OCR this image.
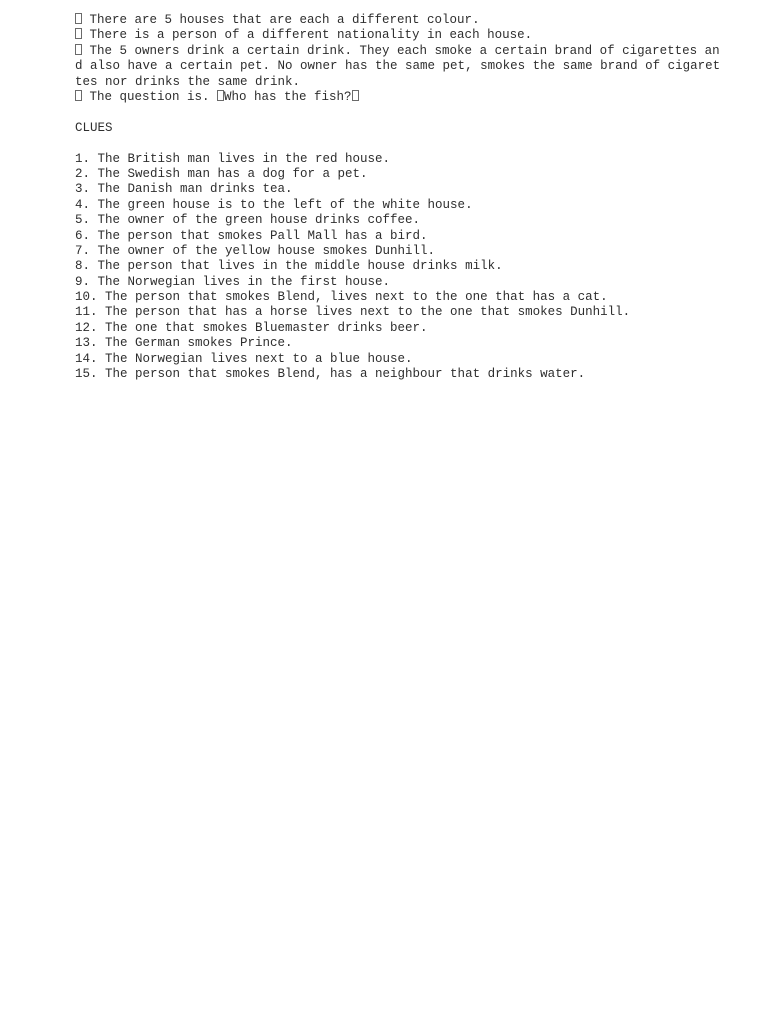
There are 5 houses that are each a different colour.
There is a person of a different nationality in each house.
The 5 owners drink a certain drink. They each smoke a certain brand of cigarettes and also have a certain pet. No owner has the same pet, smokes the same brand of cigarettes nor drinks the same drink.
The question is. Who has the fish?
CLUES
1. The British man lives in the red house.
2. The Swedish man has a dog for a pet.
3. The Danish man drinks tea.
4. The green house is to the left of the white house.
5. The owner of the green house drinks coffee.
6. The person that smokes Pall Mall has a bird.
7. The owner of the yellow house smokes Dunhill.
8. The person that lives in the middle house drinks milk.
9. The Norwegian lives in the first house.
10. The person that smokes Blend, lives next to the one that has a cat.
11. The person that has a horse lives next to the one that smokes Dunhill.
12. The one that smokes Bluemaster drinks beer.
13. The German smokes Prince.
14. The Norwegian lives next to a blue house.
15. The person that smokes Blend, has a neighbour that drinks water.
